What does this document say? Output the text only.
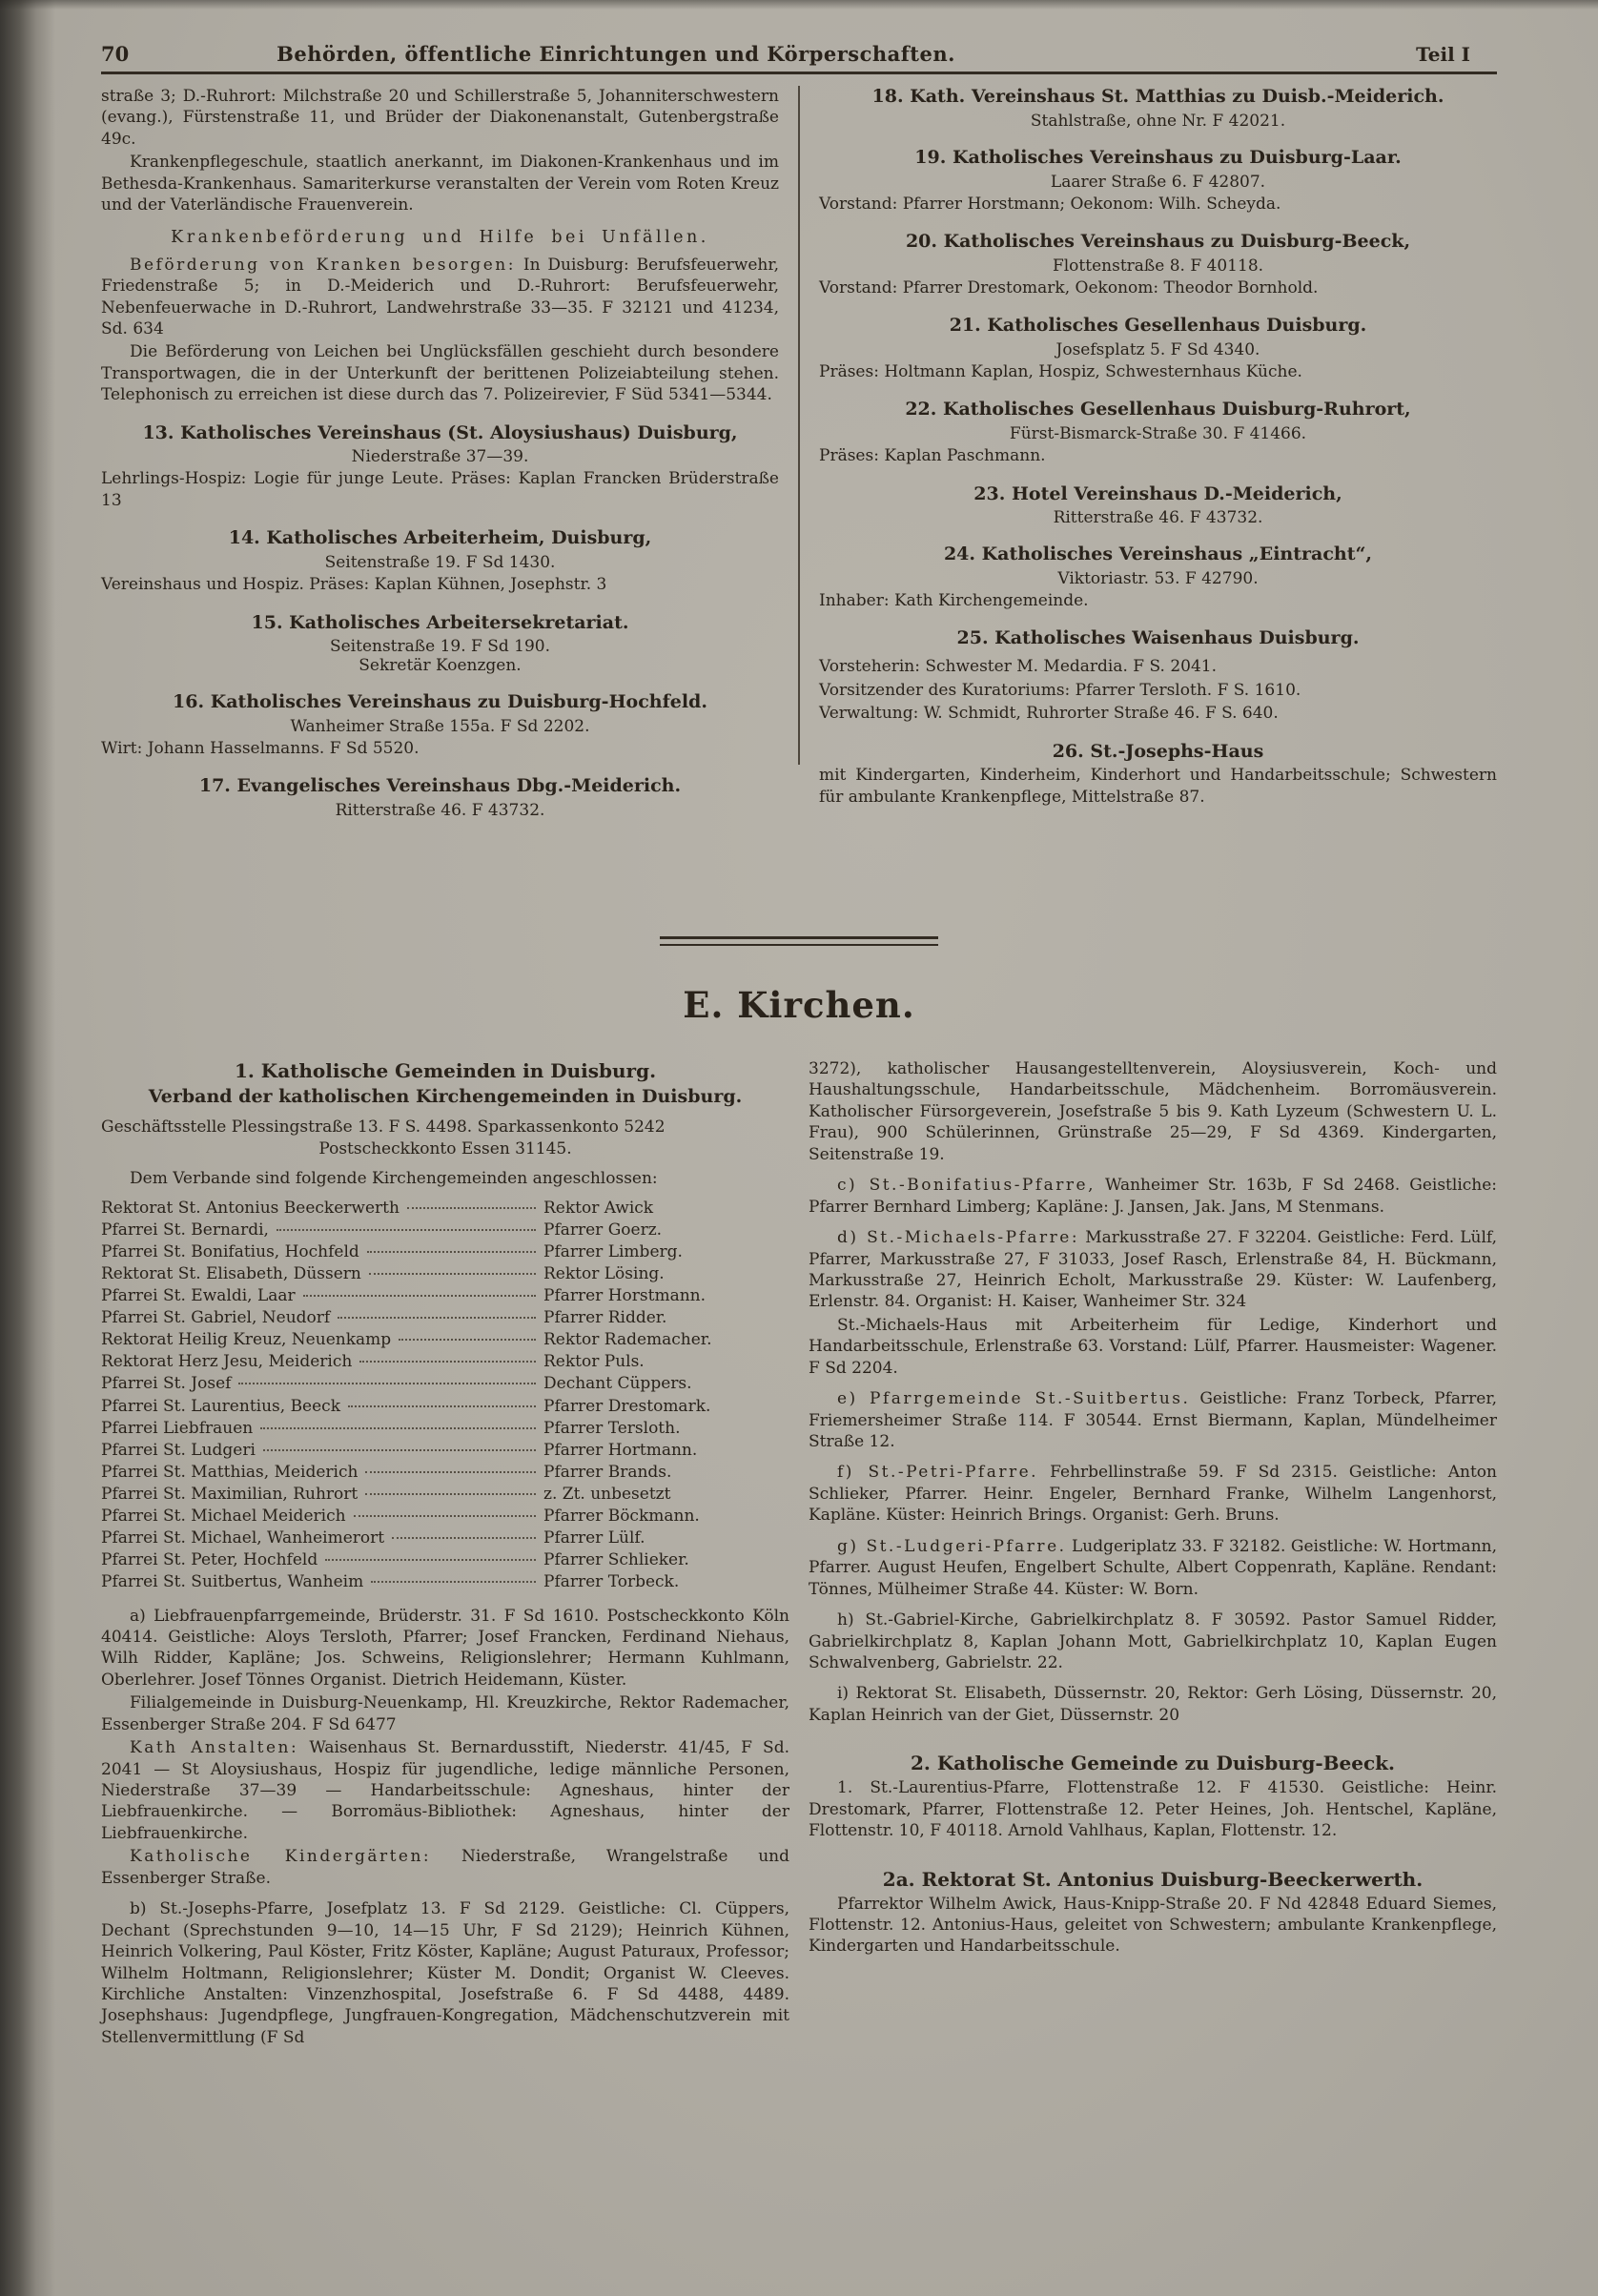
70	Behörden, öffentliche Einrichtungen und Körperschaften.	Teil I

straße 3; D.-Ruhrort: Milchstraße 20 und Schillerstraße 5, Johanniterschwestern (evang.), Fürstenstraße 11, und Brüder der Diakonenanstalt, Gutenbergstraße 49c.

Krankenpflegeschule, staatlich anerkannt, im Diakonen-Krankenhaus und im Bethesda-Krankenhaus. Samariterkurse veranstalten der Verein vom Roten Kreuz und der Vaterländische Frauenverein.

Krankenbeförderung und Hilfe bei Unfällen.

Beförderung von Kranken besorgen: In Duisburg: Berufsfeuerwehr, Friedenstraße 5; in D.-Meiderich und D.-Ruhrort: Berufsfeuerwehr, Nebenfeuerwache in D.-Ruhrort, Landwehrstraße 33—35. F 32121 und 41234, Sd. 634

Die Beförderung von Leichen bei Unglücksfällen geschieht durch besondere Transportwagen, die in der Unterkunft der berittenen Polizeiabteilung stehen. Telephonisch zu erreichen ist diese durch das 7. Polizeirevier, F Süd 5341—5344.

13. Katholisches Vereinshaus (St. Aloysiushaus) Duisburg,

Niederstraße 37—39.

Lehrlings-Hospiz: Logie für junge Leute. Präses: Kaplan Francken Brüderstraße 13

14. Katholisches Arbeiterheim, Duisburg,

Seitenstraße 19. F Sd 1430.

Vereinshaus und Hospiz. Präses: Kaplan Kühnen, Josephstr. 3

15. Katholisches Arbeitersekretariat.

Seitenstraße 19. F Sd 190.

Sekretär Koenzgen.

16. Katholisches Vereinshaus zu Duisburg-Hochfeld.

Wanheimer Straße 155a. F Sd 2202.

Wirt: Johann Hasselmanns. F Sd 5520.

17. Evangelisches Vereinshaus Dbg.-Meiderich.

Ritterstraße 46. F 43732.

18. Kath. Vereinshaus St. Matthias zu Duisb.-Meiderich.

Stahlstraße, ohne Nr. F 42021.

19. Katholisches Vereinshaus zu Duisburg-Laar.

Laarer Straße 6. F 42807.

Vorstand: Pfarrer Horstmann; Oekonom: Wilh. Scheyda.

20. Katholisches Vereinshaus zu Duisburg-Beeck,

Flottenstraße 8. F 40118.

Vorstand: Pfarrer Drestomark, Oekonom: Theodor Bornhold.

21. Katholisches Gesellenhaus Duisburg.

Josefsplatz 5. F Sd 4340.

Präses: Holtmann Kaplan, Hospiz, Schwesternhaus Küche.

22. Katholisches Gesellenhaus Duisburg-Ruhrort,

Fürst-Bismarck-Straße 30. F 41466.

Präses: Kaplan Paschmann.

23. Hotel Vereinshaus D.-Meiderich,

Ritterstraße 46. F 43732.

24. Katholisches Vereinshaus „Eintracht“,

Viktoriastr. 53. F 42790.

Inhaber: Kath Kirchengemeinde.

25. Katholisches Waisenhaus Duisburg.

Vorsteherin: Schwester M. Medardia. F S. 2041.

Vorsitzender des Kuratoriums: Pfarrer Tersloth. F S. 1610.

Verwaltung: W. Schmidt, Ruhrorter Straße 46. F S. 640.

26. St.-Josephs-Haus

mit Kindergarten, Kinderheim, Kinderhort und Handarbeitsschule; Schwestern für ambulante Krankenpflege, Mittelstraße 87.

E. Kirchen.
1. Katholische Gemeinden in Duisburg.
Verband der katholischen Kirchengemeinden in Duisburg.

Geschäftsstelle Plessingstraße 13. F S. 4498. Sparkassenkonto 5242

Postscheckkonto Essen 31145.

Dem Verbande sind folgende Kirchengemeinden angeschlossen:

Rektorat St. Antonius Beeckerwerth	Rektor Awick
Pfarrei St. Bernardi,	Pfarrer Goerz.
Pfarrei St. Bonifatius, Hochfeld	Pfarrer Limberg.
Rektorat St. Elisabeth, Düssern	Rektor Lösing.
Pfarrei St. Ewaldi, Laar	Pfarrer Horstmann.
Pfarrei St. Gabriel, Neudorf	Pfarrer Ridder.
Rektorat Heilig Kreuz, Neuenkamp	Rektor Rademacher.
Rektorat Herz Jesu, Meiderich	Rektor Puls.
Pfarrei St. Josef	Dechant Cüppers.
Pfarrei St. Laurentius, Beeck	Pfarrer Drestomark.
Pfarrei Liebfrauen	Pfarrer Tersloth.
Pfarrei St. Ludgeri	Pfarrer Hortmann.
Pfarrei St. Matthias, Meiderich	Pfarrer Brands.
Pfarrei St. Maximilian, Ruhrort	z. Zt. unbesetzt
Pfarrei St. Michael Meiderich	Pfarrer Böckmann.
Pfarrei St. Michael, Wanheimerort	Pfarrer Lülf.
Pfarrei St. Peter, Hochfeld	Pfarrer Schlieker.
Pfarrei St. Suitbertus, Wanheim	Pfarrer Torbeck.

a) Liebfrauenpfarrgemeinde, Brüderstr. 31. F Sd 1610. Postscheckkonto Köln 40414. Geistliche: Aloys Tersloth, Pfarrer; Josef Francken, Ferdinand Niehaus, Wilh Ridder, Kapläne; Jos. Schweins, Religionslehrer; Hermann Kuhlmann, Oberlehrer. Josef Tönnes Organist. Dietrich Heidemann, Küster.

Filialgemeinde in Duisburg-Neuenkamp, Hl. Kreuzkirche, Rektor Rademacher, Essenberger Straße 204. F Sd 6477

Kath Anstalten: Waisenhaus St. Bernardusstift, Niederstr. 41/45, F Sd. 2041 — St Aloysiushaus, Hospiz für jugendliche, ledige männliche Personen, Niederstraße 37—39 — Handarbeitsschule: Agneshaus, hinter der Liebfrauenkirche. — Borromäus-Bibliothek: Agneshaus, hinter der Liebfrauenkirche.

Katholische Kindergärten: Niederstraße, Wrangelstraße und Essenberger Straße.

b) St.-Josephs-Pfarre, Josefplatz 13. F Sd 2129. Geistliche: Cl. Cüppers, Dechant (Sprechstunden 9—10, 14—15 Uhr, F Sd 2129); Heinrich Kühnen, Heinrich Volkering, Paul Köster, Fritz Köster, Kapläne; August Paturaux, Professor; Wilhelm Holtmann, Religionslehrer; Küster M. Dondit; Organist W. Cleeves. Kirchliche Anstalten: Vinzenzhospital, Josefstraße 6. F Sd 4488, 4489. Josephshaus: Jugendpflege, Jungfrauen-Kongregation, Mädchenschutzverein mit Stellenvermittlung (F Sd

3272), katholischer Hausangestelltenverein, Aloysiusverein, Koch- und Haushaltungsschule, Handarbeitsschule, Mädchenheim. Borromäusverein. Katholischer Fürsorgeverein, Josefstraße 5 bis 9. Kath Lyzeum (Schwestern U. L. Frau), 900 Schülerinnen, Grünstraße 25—29, F Sd 4369. Kindergarten, Seitenstraße 19.

c) St.-Bonifatius-Pfarre, Wanheimer Str. 163b, F Sd 2468. Geistliche: Pfarrer Bernhard Limberg; Kapläne: J. Jansen, Jak. Jans, M Stenmans.

d) St.-Michaels-Pfarre: Markusstraße 27. F 32204. Geistliche: Ferd. Lülf, Pfarrer, Markusstraße 27, F 31033, Josef Rasch, Erlenstraße 84, H. Bückmann, Markusstraße 27, Heinrich Echolt, Markusstraße 29. Küster: W. Laufenberg, Erlenstr. 84. Organist: H. Kaiser, Wanheimer Str. 324

St.-Michaels-Haus mit Arbeiterheim für Ledige, Kinderhort und Handarbeitsschule, Erlenstraße 63. Vorstand: Lülf, Pfarrer. Hausmeister: Wagener. F Sd 2204.

e) Pfarrgemeinde St.-Suitbertus. Geistliche: Franz Torbeck, Pfarrer, Friemersheimer Straße 114. F 30544. Ernst Biermann, Kaplan, Mündelheimer Straße 12.

f) St.-Petri-Pfarre. Fehrbellinstraße 59. F Sd 2315. Geistliche: Anton Schlieker, Pfarrer. Heinr. Engeler, Bernhard Franke, Wilhelm Langenhorst, Kapläne. Küster: Heinrich Brings. Organist: Gerh. Bruns.

g) St.-Ludgeri-Pfarre. Ludgeriplatz 33. F 32182. Geistliche: W. Hortmann, Pfarrer. August Heufen, Engelbert Schulte, Albert Coppenrath, Kapläne. Rendant: Tönnes, Mülheimer Straße 44. Küster: W. Born.

h) St.-Gabriel-Kirche, Gabrielkirchplatz 8. F 30592. Pastor Samuel Ridder, Gabrielkirchplatz 8, Kaplan Johann Mott, Gabrielkirchplatz 10, Kaplan Eugen Schwalvenberg, Gabrielstr. 22.

i) Rektorat St. Elisabeth, Düssernstr. 20, Rektor: Gerh Lösing, Düssernstr. 20, Kaplan Heinrich van der Giet, Düssernstr. 20

2. Katholische Gemeinde zu Duisburg-Beeck.

1. St.-Laurentius-Pfarre, Flottenstraße 12. F 41530. Geistliche: Heinr. Drestomark, Pfarrer, Flottenstraße 12. Peter Heines, Joh. Hentschel, Kapläne, Flottenstr. 10, F 40118. Arnold Vahlhaus, Kaplan, Flottenstr. 12.

2a. Rektorat St. Antonius Duisburg-Beeckerwerth.

Pfarrektor Wilhelm Awick, Haus-Knipp-Straße 20. F Nd 42848 Eduard Siemes, Flottenstr. 12. Antonius-Haus, geleitet von Schwestern; ambulante Krankenpflege, Kindergarten und Handarbeitsschule.
